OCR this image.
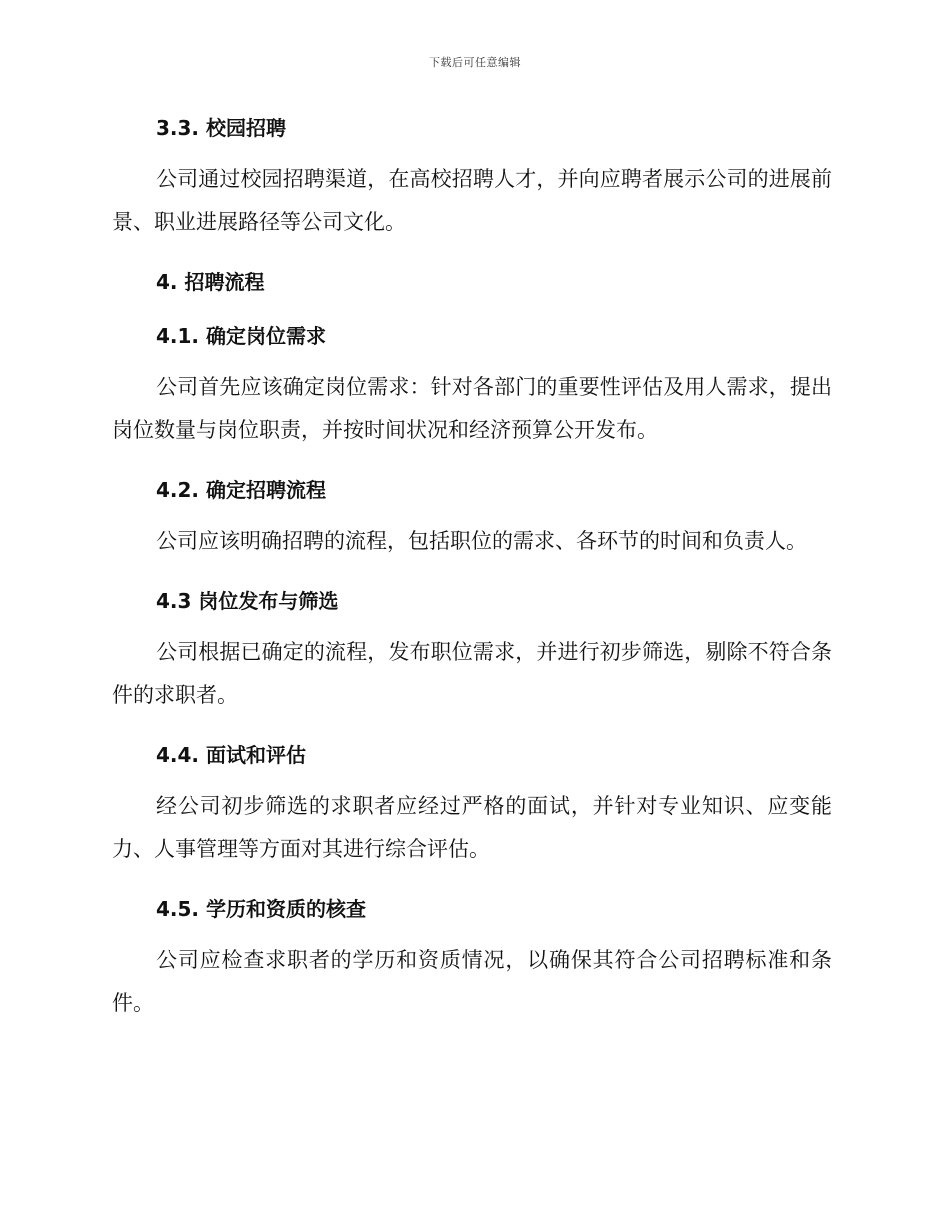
下载后可任意编辑
3.3. 校园招聘

公司通过校园招聘渠道，在高校招聘人才，并向应聘者展示公司的进展前景、职业进展路径等公司文化。

4. 招聘流程
4.1. 确定岗位需求

公司首先应该确定岗位需求：针对各部门的重要性评估及用人需求，提出岗位数量与岗位职责，并按时间状况和经济预算公开发布。

4.2. 确定招聘流程

公司应该明确招聘的流程，包括职位的需求、各环节的时间和负责人。

4.3 岗位发布与筛选

公司根据已确定的流程，发布职位需求，并进行初步筛选，剔除不符合条件的求职者。

4.4. 面试和评估

经公司初步筛选的求职者应经过严格的面试，并针对专业知识、应变能力、人事管理等方面对其进行综合评估。

4.5. 学历和资质的核查

公司应检查求职者的学历和资质情况，以确保其符合公司招聘标准和条件。
